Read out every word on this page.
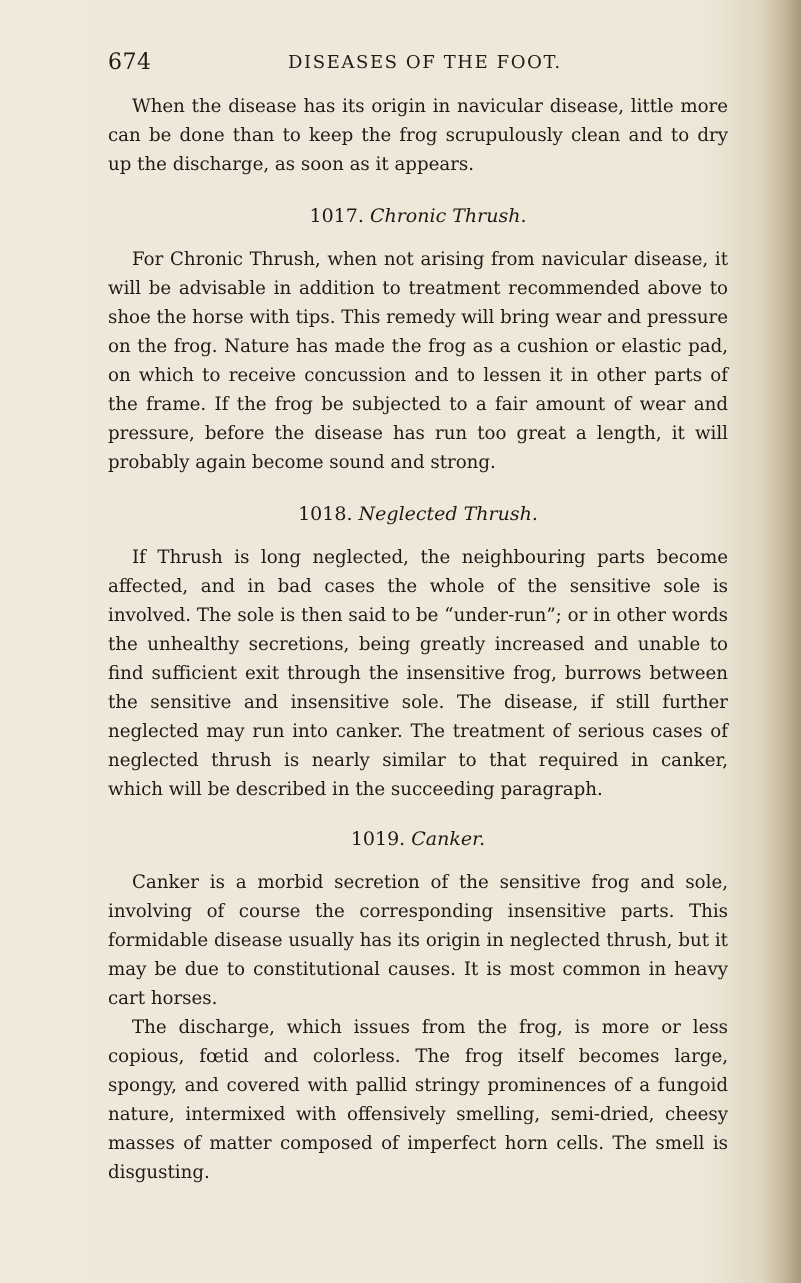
674	DISEASES OF THE FOOT.

When the disease has its origin in navicular disease, little more can be done than to keep the frog scrupulously clean and to dry up the discharge, as soon as it appears.

1017. Chronic Thrush.

For Chronic Thrush, when not arising from navicular disease, it will be advisable in addition to treatment recommended above to shoe the horse with tips. This remedy will bring wear and pressure on the frog. Nature has made the frog as a cushion or elastic pad, on which to receive concussion and to lessen it in other parts of the frame. If the frog be subjected to a fair amount of wear and pressure, before the disease has run too great a length, it will probably again become sound and strong.

1018. Neglected Thrush.

If Thrush is long neglected, the neighbouring parts become affected, and in bad cases the whole of the sensitive sole is involved. The sole is then said to be “under-run”; or in other words the unhealthy secretions, being greatly increased and unable to find sufficient exit through the insensitive frog, burrows between the sensitive and insensitive sole. The disease, if still further neglected may run into canker. The treatment of serious cases of neglected thrush is nearly similar to that required in canker, which will be described in the succeeding paragraph.

1019. Canker.

Canker is a morbid secretion of the sensitive frog and sole, involving of course the corresponding insensitive parts. This formidable disease usually has its origin in neglected thrush, but it may be due to constitutional causes. It is most common in heavy cart horses.

The discharge, which issues from the frog, is more or less copious, fœtid and colorless. The frog itself becomes large, spongy, and covered with pallid stringy prominences of a fungoid nature, intermixed with offensively smelling, semi-dried, cheesy masses of matter composed of imperfect horn cells. The smell is disgusting.
